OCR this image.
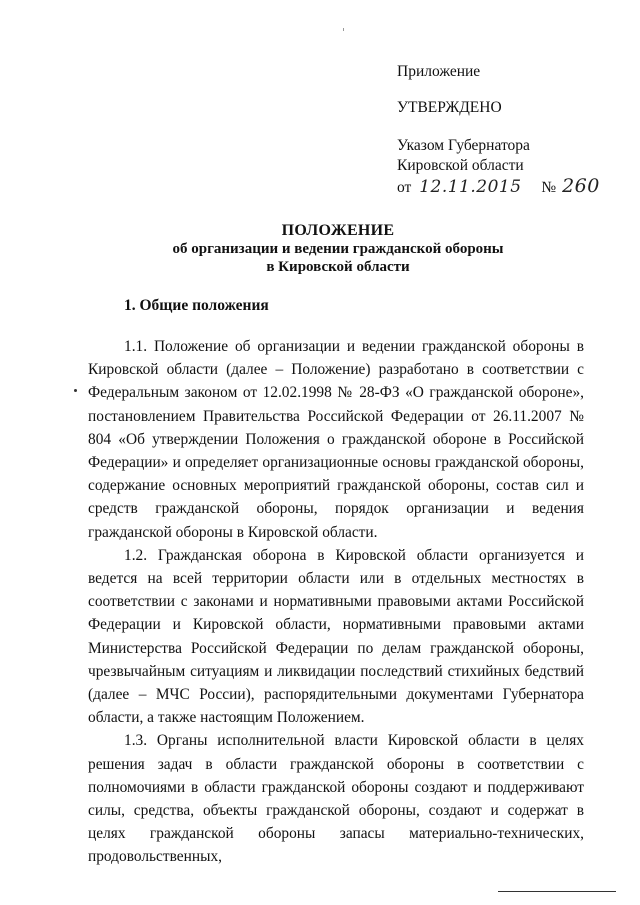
Приложение
УТВЕРЖДЕНО
Указом Губернатора
Кировской области
от 12.11.2015 № 260
ПОЛОЖЕНИЕ
об организации и ведении гражданской обороны
в Кировской области
1. Общие положения

1.1. Положение об организации и ведении гражданской обороны в Кировской области (далее – Положение) разработано в соответствии с Федеральным законом от 12.02.1998 № 28-ФЗ «О гражданской обороне», постановлением Правительства Российской Федерации от 26.11.2007 № 804 «Об утверждении Положения о гражданской обороне в Российской Федерации» и определяет организационные основы гражданской обороны, содержание основных мероприятий гражданской обороны, состав сил и средств гражданской обороны, порядок организации и ведения гражданской обороны в Кировской области.

1.2. Гражданская оборона в Кировской области организуется и ведется на всей территории области или в отдельных местностях в соответствии с законами и нормативными правовыми актами Российской Федерации и Кировской области, нормативными правовыми актами Министерства Российской Федерации по делам гражданской обороны, чрезвычайным ситуациям и ликвидации последствий стихийных бедствий (далее – МЧС России), распорядительными документами Губернатора области, а также настоящим Положением.

1.3. Органы исполнительной власти Кировской области в целях решения задач в области гражданской обороны в соответствии с полномочиями в области гражданской обороны создают и поддерживают силы, средства, объекты гражданской обороны, создают и содержат в целях гражданской обороны запасы материально-технических, продовольственных,
